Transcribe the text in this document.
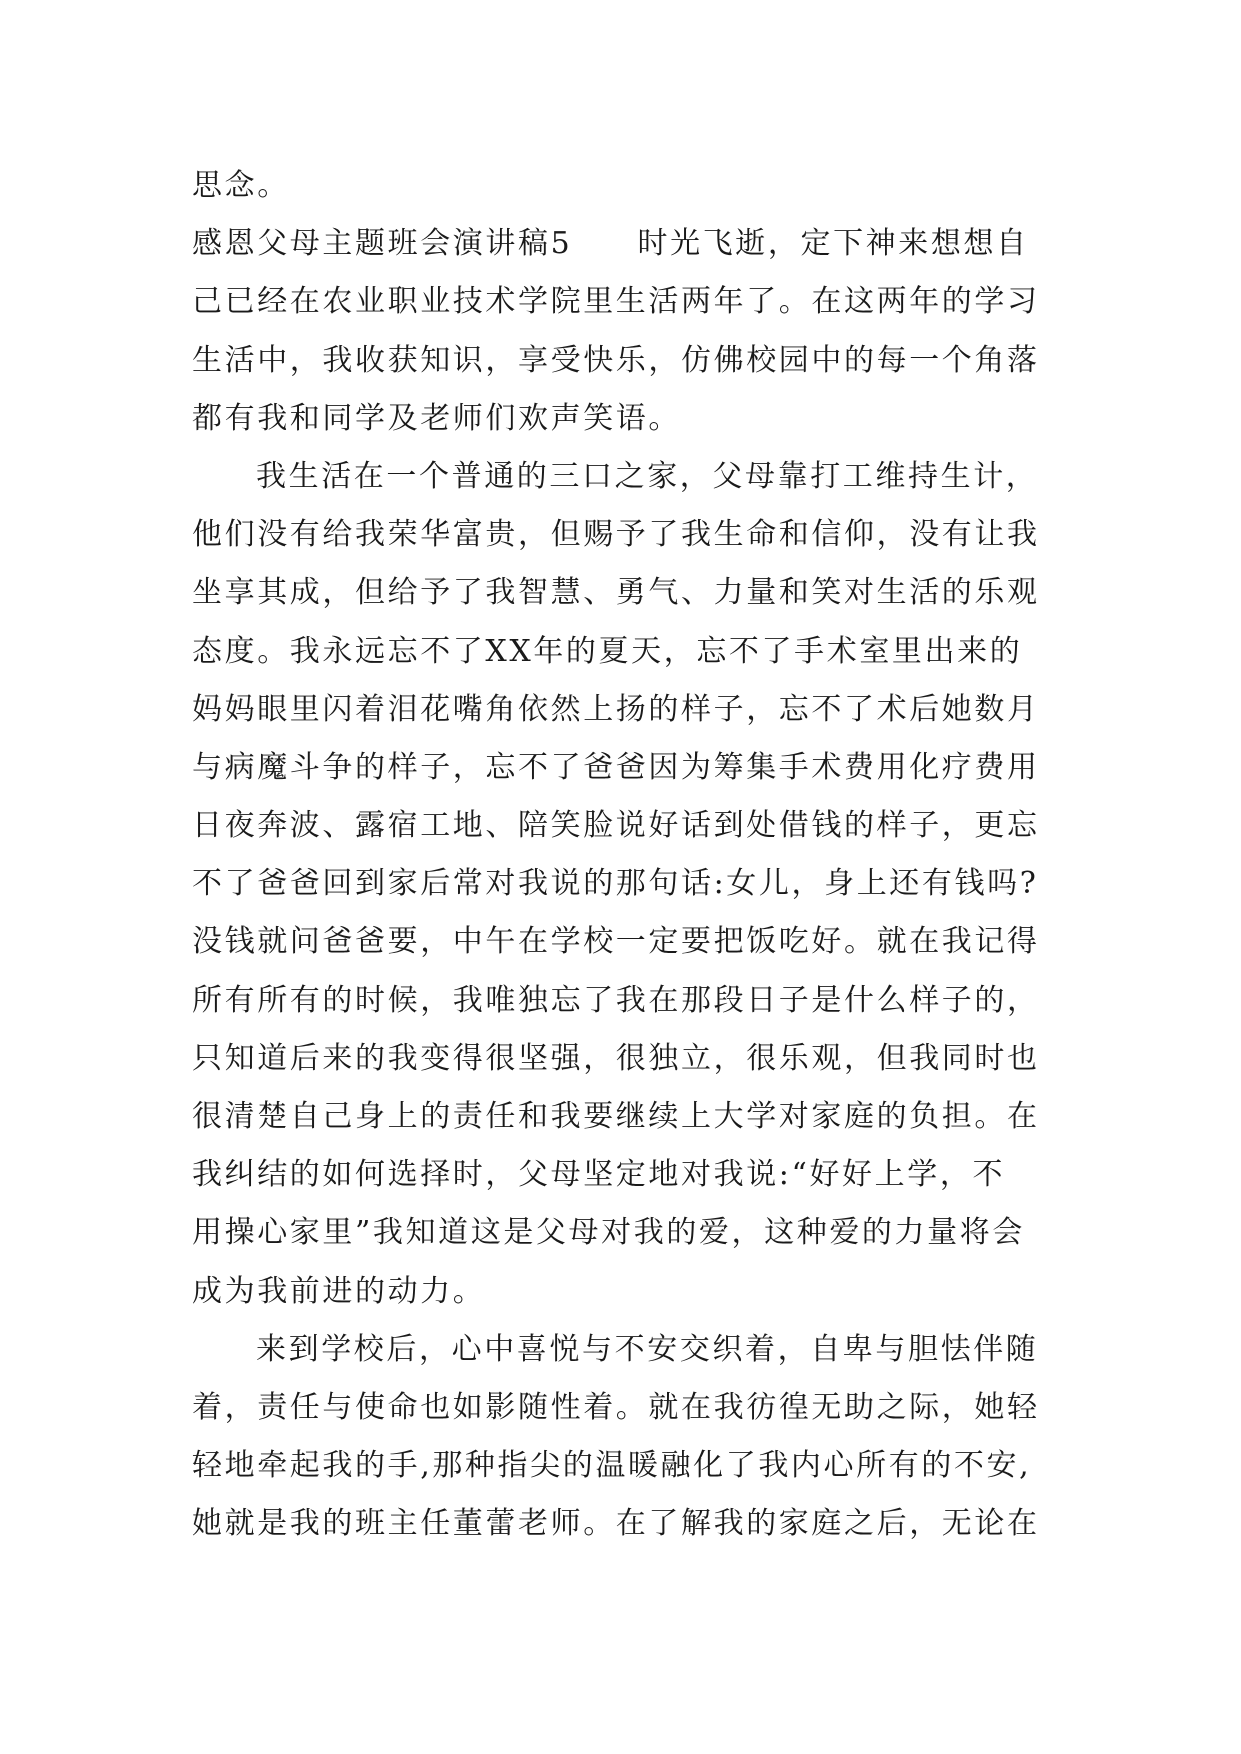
思念。
感恩父母主题班会演讲稿5　　时光飞逝，定下神来想想自
己已经在农业职业技术学院里生活两年了。在这两年的学习
生活中，我收获知识，享受快乐，仿佛校园中的每一个角落
都有我和同学及老师们欢声笑语。
我生活在一个普通的三口之家，父母靠打工维持生计，
他们没有给我荣华富贵，但赐予了我生命和信仰，没有让我
坐享其成，但给予了我智慧、勇气、力量和笑对生活的乐观
态度。我永远忘不了XX年的夏天，忘不了手术室里出来的
妈妈眼里闪着泪花嘴角依然上扬的样子，忘不了术后她数月
与病魔斗争的样子，忘不了爸爸因为筹集手术费用化疗费用
日夜奔波、露宿工地、陪笑脸说好话到处借钱的样子，更忘
不了爸爸回到家后常对我说的那句话:女儿，身上还有钱吗?
没钱就问爸爸要，中午在学校一定要把饭吃好。就在我记得
所有所有的时候，我唯独忘了我在那段日子是什么样子的，
只知道后来的我变得很坚强，很独立，很乐观，但我同时也
很清楚自己身上的责任和我要继续上大学对家庭的负担。在
我纠结的如何选择时，父母坚定地对我说:“好好上学，不
用操心家里”我知道这是父母对我的爱，这种爱的力量将会
成为我前进的动力。
来到学校后，心中喜悦与不安交织着，自卑与胆怯伴随
着，责任与使命也如影随性着。就在我彷徨无助之际，她轻
轻地牵起我的手,那种指尖的温暖融化了我内心所有的不安,
她就是我的班主任董蕾老师。在了解我的家庭之后，无论在
